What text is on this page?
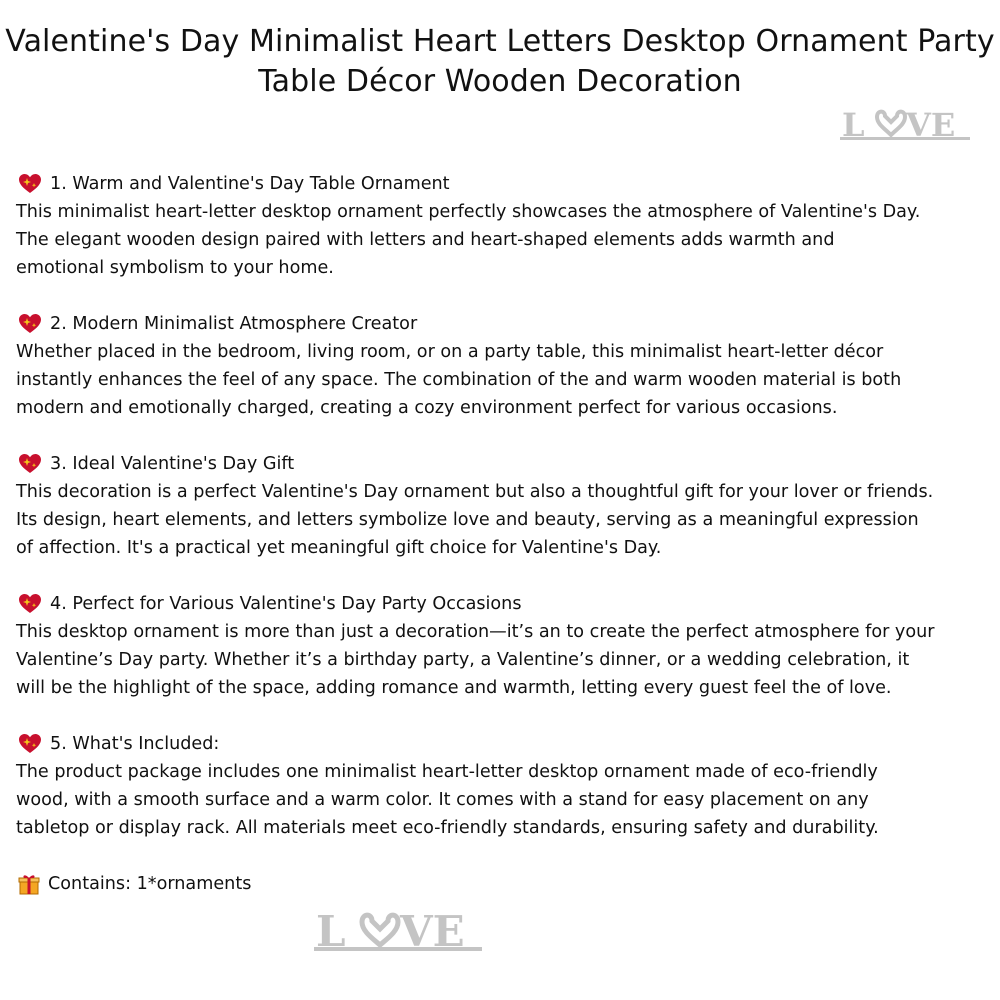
Valentine's Day Minimalist Heart Letters Desktop Ornament Party
Table Décor Wooden Decoration
L VE
1. Warm and Valentine's Day Table Ornament
This minimalist heart-letter desktop ornament perfectly showcases the atmosphere of Valentine's Day.
The elegant wooden design paired with letters and heart-shaped elements adds warmth and
emotional symbolism to your home.
2. Modern Minimalist Atmosphere Creator
Whether placed in the bedroom, living room, or on a party table, this minimalist heart-letter décor
instantly enhances the feel of any space. The combination of the and warm wooden material is both
modern and emotionally charged, creating a cozy environment perfect for various occasions.
3. Ideal Valentine's Day Gift
This decoration is a perfect Valentine's Day ornament but also a thoughtful gift for your lover or friends.
Its design, heart elements, and letters symbolize love and beauty, serving as a meaningful expression
of affection. It's a practical yet meaningful gift choice for Valentine's Day.
4. Perfect for Various Valentine's Day Party Occasions
This desktop ornament is more than just a decoration—it’s an to create the perfect atmosphere for your
Valentine’s Day party. Whether it’s a birthday party, a Valentine’s dinner, or a wedding celebration, it
will be the highlight of the space, adding romance and warmth, letting every guest feel the of love.
5. What's Included:
The product package includes one minimalist heart-letter desktop ornament made of eco-friendly
wood, with a smooth surface and a warm color. It comes with a stand for easy placement on any
tabletop or display rack. All materials meet eco-friendly standards, ensuring safety and durability.
Contains: 1*ornaments
L VE
